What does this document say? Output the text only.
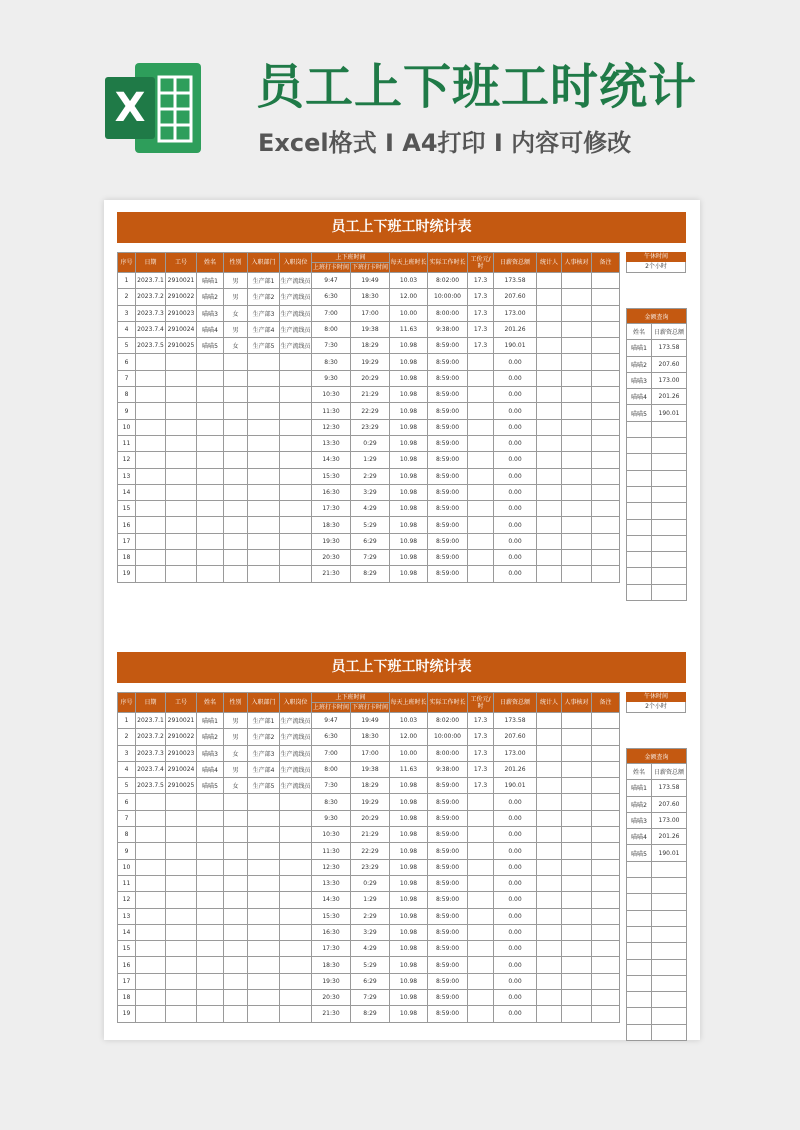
X 员工上下班工时统计
Excel格式 I A4打印 I 内容可修改
员工上下班工时统计表
序号	日期	工号	姓名	性别	入职部门	入职岗位	上下班时间		每天上班时长	实际工作时长	工价元/时	日薪资总额	统计人	人事核对	备注
							上班打卡时间	下班打卡时间							
1	2023.7.1	2910021	喵喵1	男	生产部1	生产流线员	9:47	19:49	10.03	8:02:00	17.3	173.58			
2	2023.7.2	2910022	喵喵2	男	生产部2	生产流线员	6:30	18:30	12.00	10:00:00	17.3	207.60			
3	2023.7.3	2910023	喵喵3	女	生产部3	生产流线员	7:00	17:00	10.00	8:00:00	17.3	173.00			
4	2023.7.4	2910024	喵喵4	男	生产部4	生产流线员	8:00	19:38	11.63	9:38:00	17.3	201.26			
5	2023.7.5	2910025	喵喵5	女	生产部5	生产流线员	7:30	18:29	10.98	8:59:00	17.3	190.01			
6							8:30	19:29	10.98	8:59:00		0.00			
7							9:30	20:29	10.98	8:59:00		0.00			
8							10:30	21:29	10.98	8:59:00		0.00			
9							11:30	22:29	10.98	8:59:00		0.00			
10							12:30	23:29	10.98	8:59:00		0.00			
11							13:30	0:29	10.98	8:59:00		0.00			
12							14:30	1:29	10.98	8:59:00		0.00			
13							15:30	2:29	10.98	8:59:00		0.00			
14							16:30	3:29	10.98	8:59:00		0.00			
15							17:30	4:29	10.98	8:59:00		0.00			
16							18:30	5:29	10.98	8:59:00		0.00			
17							19:30	6:29	10.98	8:59:00		0.00			
18							20:30	7:29	10.98	8:59:00		0.00			
19							21:30	8:29	10.98	8:59:00		0.00			
午休时间
2个小时
金额查询	
姓名	日薪资总额
喵喵1	173.58
喵喵2	207.60
喵喵3	173.00
喵喵4	201.26
喵喵5	190.01

员工上下班工时统计表
序号	日期	工号	姓名	性别	入职部门	入职岗位	上下班时间		每天上班时长	实际工作时长	工价元/时	日薪资总额	统计人	人事核对	备注
							上班打卡时间	下班打卡时间							
1	2023.7.1	2910021	喵喵1	男	生产部1	生产流线员	9:47	19:49	10.03	8:02:00	17.3	173.58			
2	2023.7.2	2910022	喵喵2	男	生产部2	生产流线员	6:30	18:30	12.00	10:00:00	17.3	207.60			
3	2023.7.3	2910023	喵喵3	女	生产部3	生产流线员	7:00	17:00	10.00	8:00:00	17.3	173.00			
4	2023.7.4	2910024	喵喵4	男	生产部4	生产流线员	8:00	19:38	11.63	9:38:00	17.3	201.26			
5	2023.7.5	2910025	喵喵5	女	生产部5	生产流线员	7:30	18:29	10.98	8:59:00	17.3	190.01			
6							8:30	19:29	10.98	8:59:00		0.00			
7							9:30	20:29	10.98	8:59:00		0.00			
8							10:30	21:29	10.98	8:59:00		0.00			
9							11:30	22:29	10.98	8:59:00		0.00			
10							12:30	23:29	10.98	8:59:00		0.00			
11							13:30	0:29	10.98	8:59:00		0.00			
12							14:30	1:29	10.98	8:59:00		0.00			
13							15:30	2:29	10.98	8:59:00		0.00			
14							16:30	3:29	10.98	8:59:00		0.00			
15							17:30	4:29	10.98	8:59:00		0.00			
16							18:30	5:29	10.98	8:59:00		0.00			
17							19:30	6:29	10.98	8:59:00		0.00			
18							20:30	7:29	10.98	8:59:00		0.00			
19							21:30	8:29	10.98	8:59:00		0.00			
午休时间
2个小时
金额查询	
姓名	日薪资总额
喵喵1	173.58
喵喵2	207.60
喵喵3	173.00
喵喵4	201.26
喵喵5	190.01
